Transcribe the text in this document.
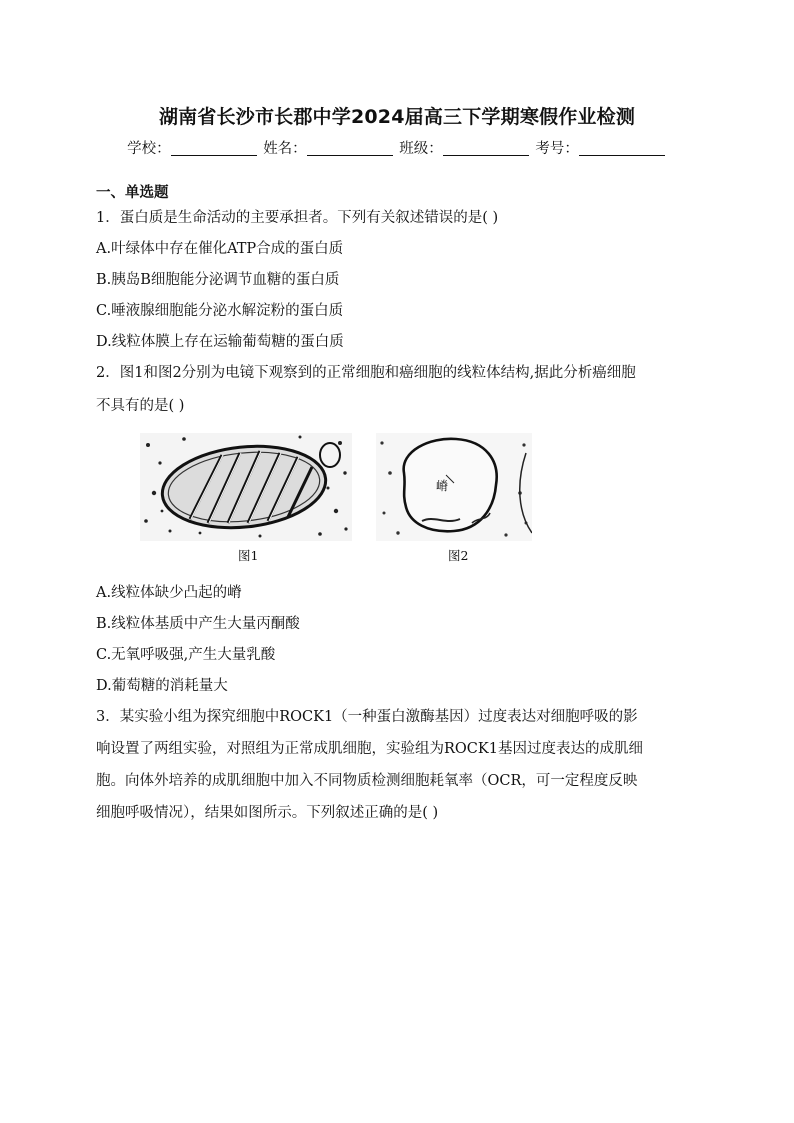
湖南省长沙市长郡中学2024届高三下学期寒假作业检测
学校：	姓名：	班级：	考号：
一、单选题
1．蛋白质是生命活动的主要承担者。下列有关叙述错误的是( )
A.叶绿体中存在催化ATP合成的蛋白质
B.胰岛B细胞能分泌调节血糖的蛋白质
C.唾液腺细胞能分泌水解淀粉的蛋白质
D.线粒体膜上存在运输葡萄糖的蛋白质
2．图1和图2分别为电镜下观察到的正常细胞和癌细胞的线粒体结构,据此分析癌细胞
不具有的是( )
图1
嵴
图2
A.线粒体缺少凸起的嵴
B.线粒体基质中产生大量丙酮酸
C.无氧呼吸强,产生大量乳酸
D.葡萄糖的消耗量大
3．某实验小组为探究细胞中ROCK1（一种蛋白激酶基因）过度表达对细胞呼吸的影
响设置了两组实验，对照组为正常成肌细胞，实验组为ROCK1基因过度表达的成肌细
胞。向体外培养的成肌细胞中加入不同物质检测细胞耗氧率（OCR，可一定程度反映
细胞呼吸情况），结果如图所示。下列叙述正确的是( )
